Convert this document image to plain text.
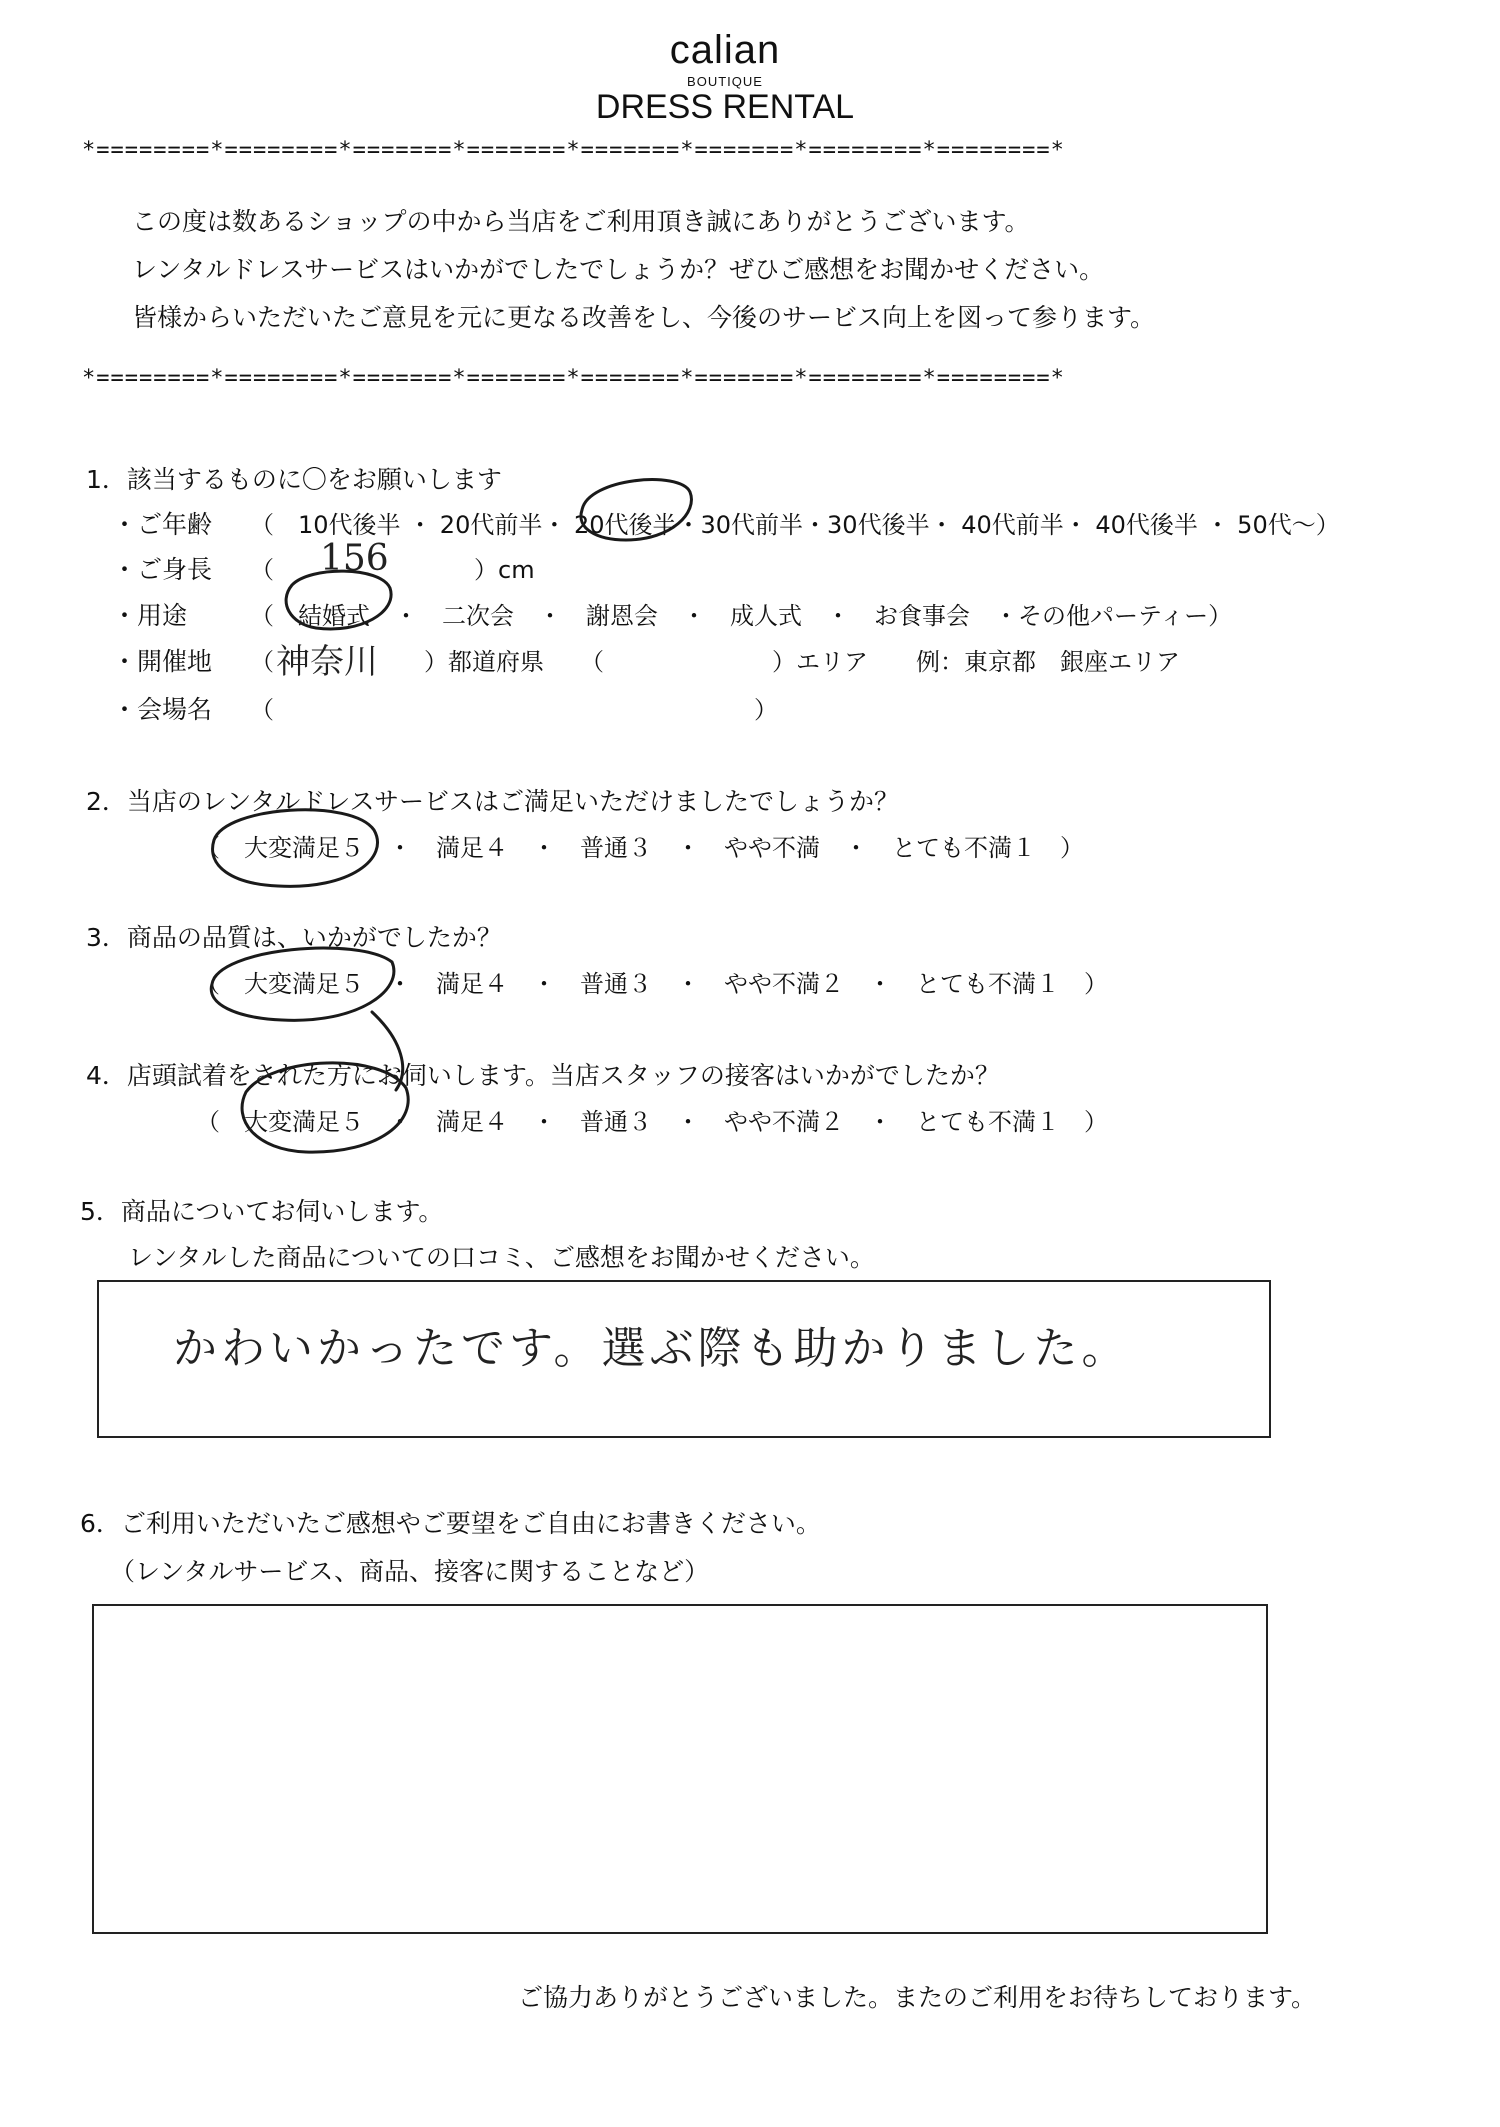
calian
BOUTIQUE
DRESS RENTAL
*========*========*=======*=======*=======*=======*========*========*
この度は数あるショップの中から当店をご利用頂き誠にありがとうございます。
レンタルドレスサービスはいかがでしたでしょうか？ぜひご感想をお聞かせください。
皆様からいただいたご意見を元に更なる改善をし、今後のサービス向上を図って参ります。
*========*========*=======*=======*=======*=======*========*========*
1．該当するものに〇をお願いします
・ご年齢 （　10代後半 ・ 20代前半・ 20代後半・30代前半・30代後半・ 40代前半・ 40代後半 ・ 50代～）
・ご身長 （ 156	）cm
・用途	（　結婚式　・　二次会　・　謝恩会　・　成人式　・　お食事会　・その他パーティー）
・開催地 （ 神奈川 ）都道府県　　（　　　　　　　）エリア　　例：東京都　銀座エリア
・会場名 （　　　　　　　　　　　　　　　　　　　　）
2．当店のレンタルドレスサービスはご満足いただけましたでしょうか？
（　大変満足５　・　満足４　・　普通３　・　やや不満　・　とても不満１　）
3．商品の品質は、いかがでしたか？
（　大変満足５　・　満足４　・　普通３　・　やや不満２　・　とても不満１　）
4．店頭試着をされた方にお伺いします。当店スタッフの接客はいかがでしたか？
（　大変満足５　・　満足４　・　普通３　・　やや不満２　・　とても不満１　）
5．商品についてお伺いします。
レンタルした商品についての口コミ、ご感想をお聞かせください。
かわいかったです。選ぶ際も助かりました。
6．ご利用いただいたご感想やご要望をご自由にお書きください。
（レンタルサービス、商品、接客に関することなど）
ご協力ありがとうございました。またのご利用をお待ちしております。
